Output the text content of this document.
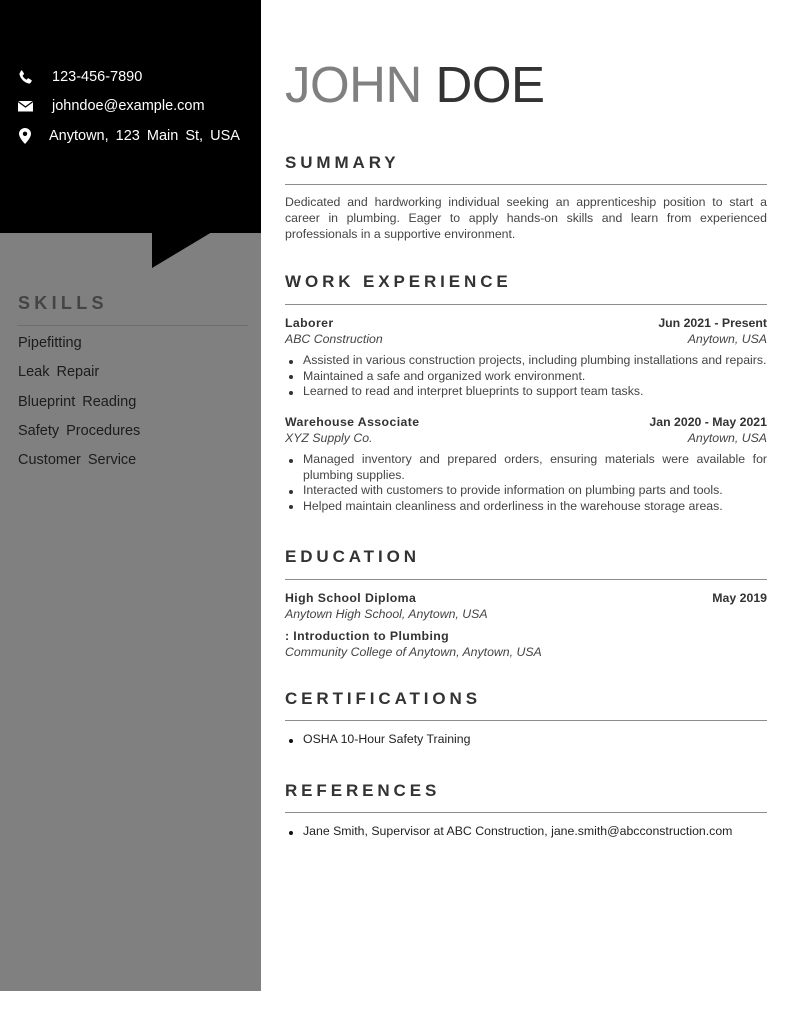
123-456-7890
johndoe@example.com
Anytown, 123 Main St, USA
SKILLS
Pipefitting
Leak Repair
Blueprint Reading
Safety Procedures
Customer Service
JOHN DOE
SUMMARY
Dedicated and hardworking individual seeking an apprenticeship position to start a career in plumbing. Eager to apply hands-on skills and learn from experienced professionals in a supportive environment.
WORK EXPERIENCE
Laborer	Jun 2021 - Present
ABC Construction	Anytown, USA
Assisted in various construction projects, including plumbing installations and repairs.
Maintained a safe and organized work environment.
Learned to read and interpret blueprints to support team tasks.
Warehouse Associate	Jan 2020 - May 2021
XYZ Supply Co.	Anytown, USA
Managed inventory and prepared orders, ensuring materials were available for plumbing supplies.
Interacted with customers to provide information on plumbing parts and tools.
Helped maintain cleanliness and orderliness in the warehouse storage areas.
EDUCATION
High School Diploma	May 2019
Anytown High School, Anytown, USA
: Introduction to Plumbing
Community College of Anytown, Anytown, USA
CERTIFICATIONS
OSHA 10-Hour Safety Training
REFERENCES
Jane Smith, Supervisor at ABC Construction, jane.smith@abcconstruction.com
